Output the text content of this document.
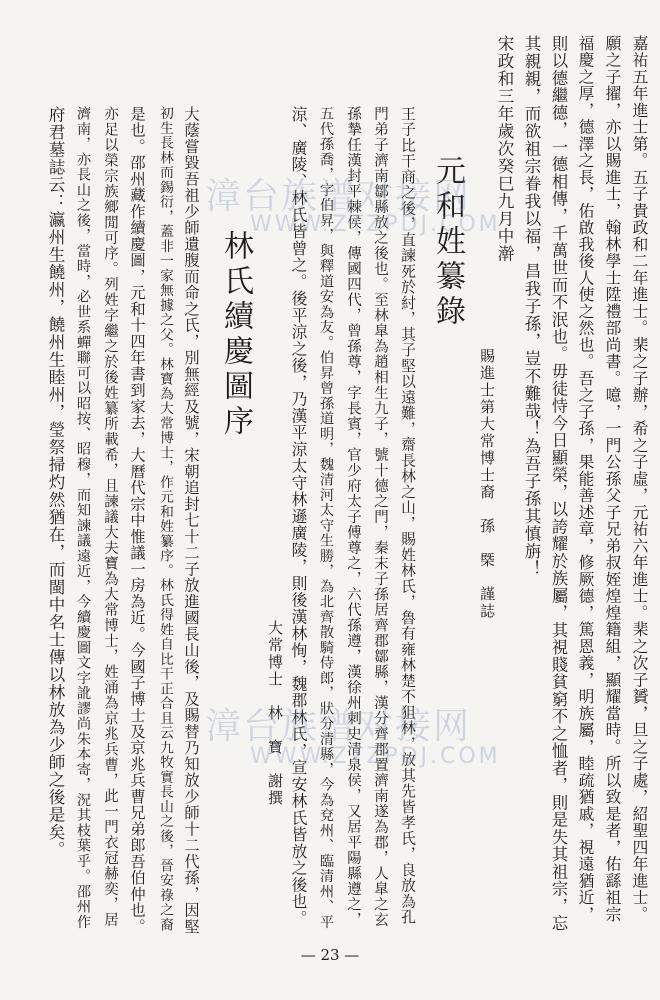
嘉祐五年進士第。五子貴政和二年進士。棐之子辦，希之子虛，元祐六年進士。棐之次子贇，旦之子處，紹聖四年進士。
願之子擢，亦以賜進士，翰林學士陞禮部尚書。噫，一門公孫父子兄弟叔姪煌煌籍組，顯耀當時。所以致是者，佑繇祖宗
福慶之厚，德澤之長，佑啟我後人使之然也。吾之子孫，果能善述章，修厥德，篤恩義，明族屬，睦疏猶戚，視遠猶近，
則以德繼德，一德相傳，千萬世而不泯也。毋徒恃今日顯榮，以誇耀於族屬，其視賤貧窮不之恤者，則是失其祖宗，忘
其親親，而欲祖宗眷我以福，昌我子孫，豈不難哉！為吾子孫其慎旃！
宋政和三年歲次癸巳九月中澣
賜進士第大常博士裔　孫　槩　謹誌
元和姓纂錄
王子比干商之後，直諫死於紂，其子堅以遠難，齋長林之山，賜姓林氏，魯有雍林楚不狙林，放其先皆孝氏，良放為孔
門弟子濟南鄒縣放之後也。至林皐為趙相生九子，號十德之門，秦末子孫居齊郡鄒縣，漢分齊郡置濟南遂為郡，人皐之玄
孫摯任漢封平棘侯，傳國四代，曾孫尊，字長賓，官少府太子傅尊之，六代孫遵，漢徐州刺史清泉侯，又居平陽縣遵之，
五代孫喬，字伯昇，與釋道安為友。伯昇曾孫道明，魏清河太守生勝，為北齊散騎侍郎，狀分清縣，今為兗州、臨清州、平
涼、廣陵、林氏皆曾之。後平涼之後，乃漢平涼太守林遜廣陵，則後漢林恂，魏郡林氏，宣安林氏皆放之後也。
大常博士　林　寶　謝撰
林氏續慶圖序
大蔭嘗毀吾祖少師遺腹而命之氏，別無經及號，宋朝追封七十二子放進國長山後，及賜替乃知放少師十二代孫，因堅
初生長林而錫衍，蓋非一家無據之父。林寶為大常博士，作元和姓纂序。林氏得姓自比干正合且云九牧實長山之後，晉安祿之裔
是也。邵州藏作續慶圖，元和十四年書到家去，大曆代宗中惟議一房為近。今國子博士及京兆兵曹兄弟郎吾伯仲也。
亦足以榮宗族鄉閒可序。列姓字繼之於後姓纂所載希，且諫議大夫寶為大常博士，姓涌為京兆兵曹，此一門衣冠赫奕，居
濟南，亦長山之後，當時，必世系蟬聯可以昭按、昭穆，而知諫議遠近，今續慶圖文字訛謬尚朱本寄，況其枝葉乎。邵州作
府君墓誌云：瀛州生饒州，饒州生睦州，瑩祭掃灼然猶在，而閩中名士傳以林放為少師之後是矣。	漳台族谱对接网
WWW.ZTZPDJ.COM
漳台族谱对接网
WWW.ZTZPDJ.COM
— 23 —
